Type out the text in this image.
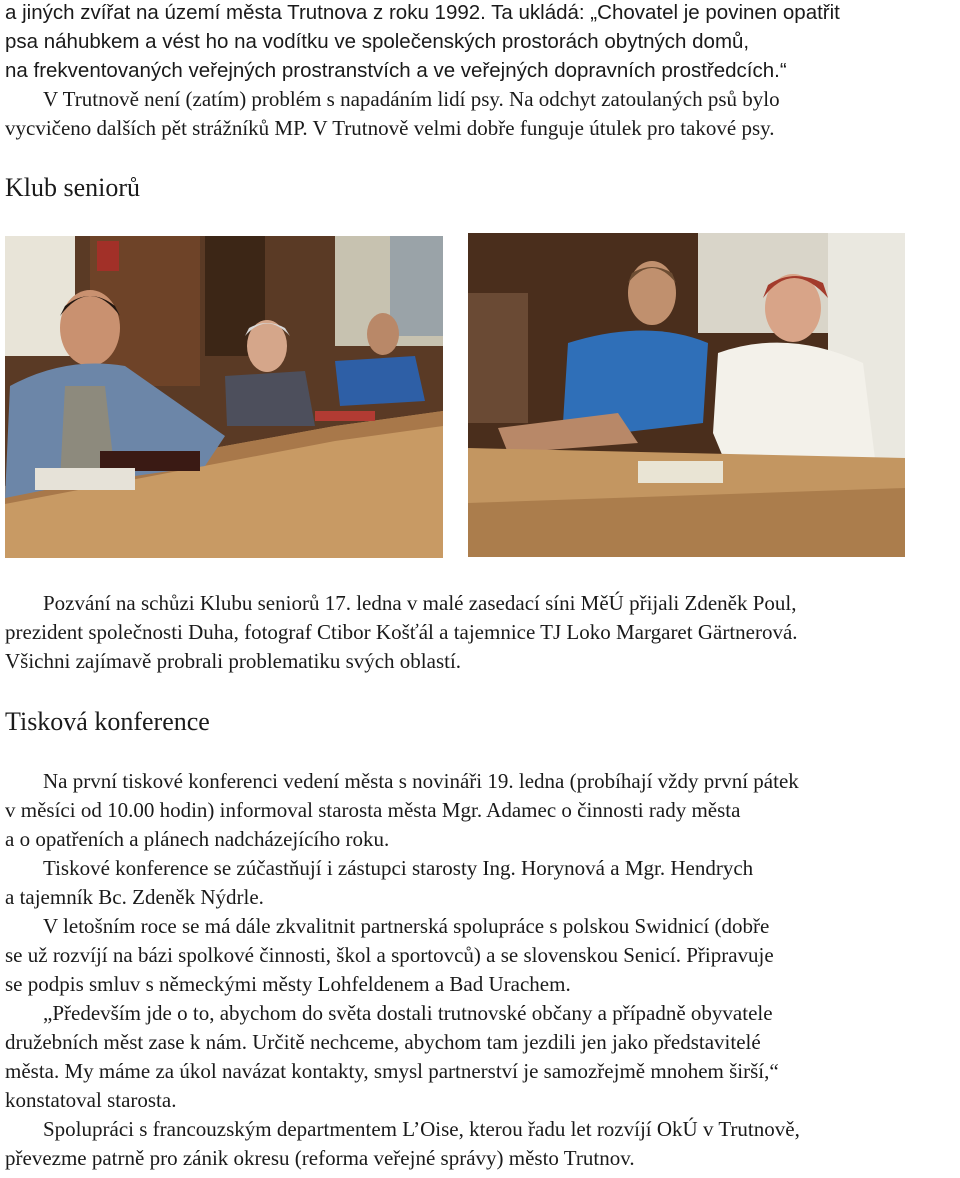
a jiných zvířat na území města Trutnova z roku 1992. Ta ukládá: „Chovatel je povinen opatřit
psa náhubkem a vést ho na vodítku ve společenských prostorách obytných domů,
na frekventovaných veřejných prostranstvích a ve veřejných dopravních prostředcích.“
V Trutnově není (zatím) problém s napadáním lidí psy. Na odchyt zatoulaných psů bylo
vycvičeno dalších pět strážníků MP. V Trutnově velmi dobře funguje útulek pro takové psy.
Klub seniorů
Pozvání na schůzi Klubu seniorů 17. ledna v malé zasedací síni MěÚ přijali Zdeněk Poul,
prezident společnosti Duha, fotograf Ctibor Košťál a tajemnice TJ Loko Margaret Gärtnerová.
Všichni zajímavě probrali problematiku svých oblastí.
Tisková konference
Na první tiskové konferenci vedení města s novináři 19. ledna (probíhají vždy první pátek
v měsíci od 10.00 hodin) informoval starosta města Mgr. Adamec o činnosti rady města
a o opatřeních a plánech nadcházejícího roku.
Tiskové konference se zúčastňují i zástupci starosty Ing. Horynová a Mgr. Hendrych
a tajemník Bc. Zdeněk Nýdrle.
V letošním roce se má dále zkvalitnit partnerská spolupráce s polskou Swidnicí (dobře
se už rozvíjí na bázi spolkové činnosti, škol a sportovců) a se slovenskou Senicí. Připravuje
se podpis smluv s německými městy Lohfeldenem a Bad Urachem.
„Především jde o to, abychom do světa dostali trutnovské občany a případně obyvatele
družebních měst zase k nám. Určitě nechceme, abychom tam jezdili jen jako představitelé
města. My máme za úkol navázat kontakty, smysl partnerství je samozřejmě mnohem širší,“
konstatoval starosta.
Spolupráci s francouzským departmentem L’Oise, kterou řadu let rozvíjí OkÚ v Trutnově,
převezme patrně pro zánik okresu (reforma veřejné správy) město Trutnov.
